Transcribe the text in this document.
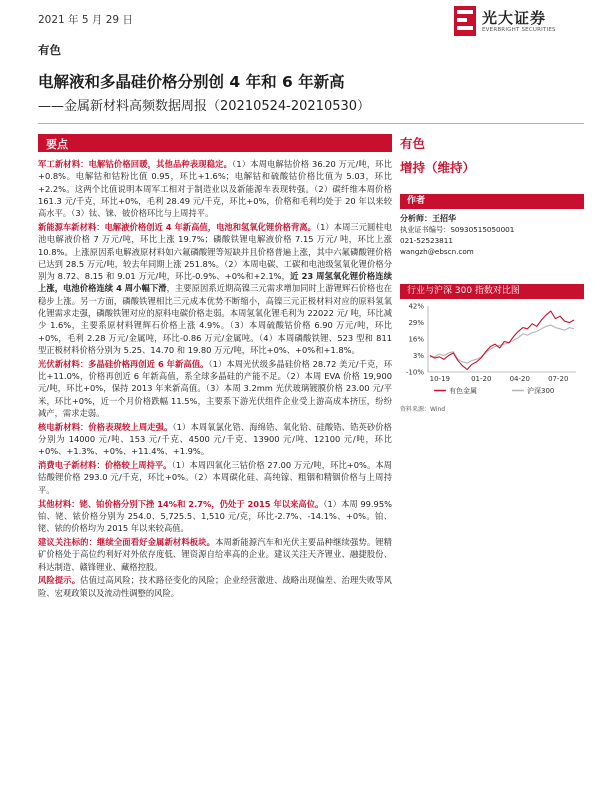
2021 年 5 月 29 日	光大证券
EVERBRIGHT SECURITIES
有色
电解液和多晶硅价格分别创 4 年和 6 年新高
——金属新材料高频数据周报（20210524-20210530）
要点

军工新材料：电解钴价格回暖，其他品种表现稳定。（1）本周电解钴价格 36.20 万元/吨，环比+0.8%。电解钴和钴粉比值 0.95，环比+1.6%；电解钴和硫酸钴价格比值为 5.03，环比+2.2%。这两个比值说明本周军工相对于制造业以及新能源车表现转强。（2）碳纤维本周价格 161.3 元/千克，环比+0%，毛利 28.49 元/千克，环比+0%，价格和毛利均处于 20 年以来较高水平。（3）钛、铼、铍价格环比与上周持平。

新能源车新材料：电解液价格创近 4 年新高值，电池和氢氧化锂价格背离。（1）本周三元圆柱电池电解液价格 7 万元/吨，环比上涨 19.7%；磷酸铁锂电解液价格 7.15 万元/ 吨，环比上涨 10.8%。上涨原因系电解液原材料如六氟磷酸锂等短缺并且价格普遍上涨，其中六氟磷酸锂价格已达到 28.5 万元/吨，较去年同期上涨 251.8%。（2）本周电碳、工碳和电池级氢氧化锂价格分别为 8.72、8.15 和 9.01 万元/吨，环比-0.9%、+0%和+2.1%，近 23 周氢氧化锂价格连续上涨，电池价格连续 4 周小幅下滑，主要原因系近期高镍三元需求增加同时上游锂辉石价格也在稳步上涨。另一方面，磷酸铁锂相比三元成本优势不断缩小，高镍三元正极材料对应的原料氢氧化锂需求走强，磷酸铁锂对应的原料电碳价格走弱。本周氢氧化锂毛利为 22022 元/ 吨，环比减少 1.6%，主要系原材料锂辉石价格上涨 4.9%。（3）本周硫酸钴价格 6.90 万元/吨，环比+0%，毛利 2.28 万元/金属吨，环比-0.86 万元/金属吨。（4）本周磷酸铁锂、523 型和 811 型正极材料价格分别为 5.25、14.70 和 19.80 万元/吨，环比+0%、+0%和+1.8%。

光伏新材料：多晶硅价格再创近 6 年新高值。（1）本周光伏级多晶硅价格 28.72 美元/千克，环比+11.0%，价格再创近 6 年新高值，系全球多晶硅的产能不足。（2）本周 EVA 价格 19,900 元/吨，环比+0%，保持 2013 年来新高值。（3）本周 3.2mm 光伏玻璃镀膜价格 23.00 元/平米，环比+0%，近一个月价格跌幅 11.5%，主要系下游光伏组件企业受上游高成本挤压，纷纷减产，需求走弱。

核电新材料：价格表现较上周走强。（1）本周氧氯化锆、海绵锆、氧化铪、硅酸锆、锆英砂价格分别为 14000 元/吨、153 元/千克、4500 元/千克、13900 元/吨、12100 元/吨，环比+0%、+1.3%、+0%、+11.4%、+1.9%。

消费电子新材料：价格较上周持平。（1）本周四氧化三钴价格 27.00 万元/吨，环比+0%。本周钴酸锂价格 293.0 元/千克，环比+0%。（2）本周碳化硅、高纯镓、粗铟和精铟价格与上周持平。

其他材料：铑、铂价格分别下挫 14%和 2.7%，仍处于 2015 年以来高位。（1）本周 99.95%铂、铑、铱价格分别为 254.0、5,725.5、1,510 元/克，环比-2.7%、-14.1%、+0%。铂、铑、铱的价格均为 2015 年以来较高值。

建议关注标的：继续全面看好金属新材料板块。本周新能源汽车和光伏主要品种继续强势。锂精矿价格处于高位约利好对外依存度低、锂资源自给率高的企业。建议关注天齐锂业、融捷股份、科达制造、赣锋锂业、藏格控股。

风险提示。估值过高风险；技术路径变化的风险；企业经营激进、战略出现偏差、治理失败等风险、宏观政策以及流动性调整的风险。

有色
增持（维持）
作者
分析师：王招华
执业证书编号：S0930515050001
021-52523811
wangzh@ebscn.com
行业与沪深 300 指数对比图
42%
29%
16%
3%
-10%
10-19	01-20	04-20	07-20
有色金属	沪深300
资料来源：Wind
